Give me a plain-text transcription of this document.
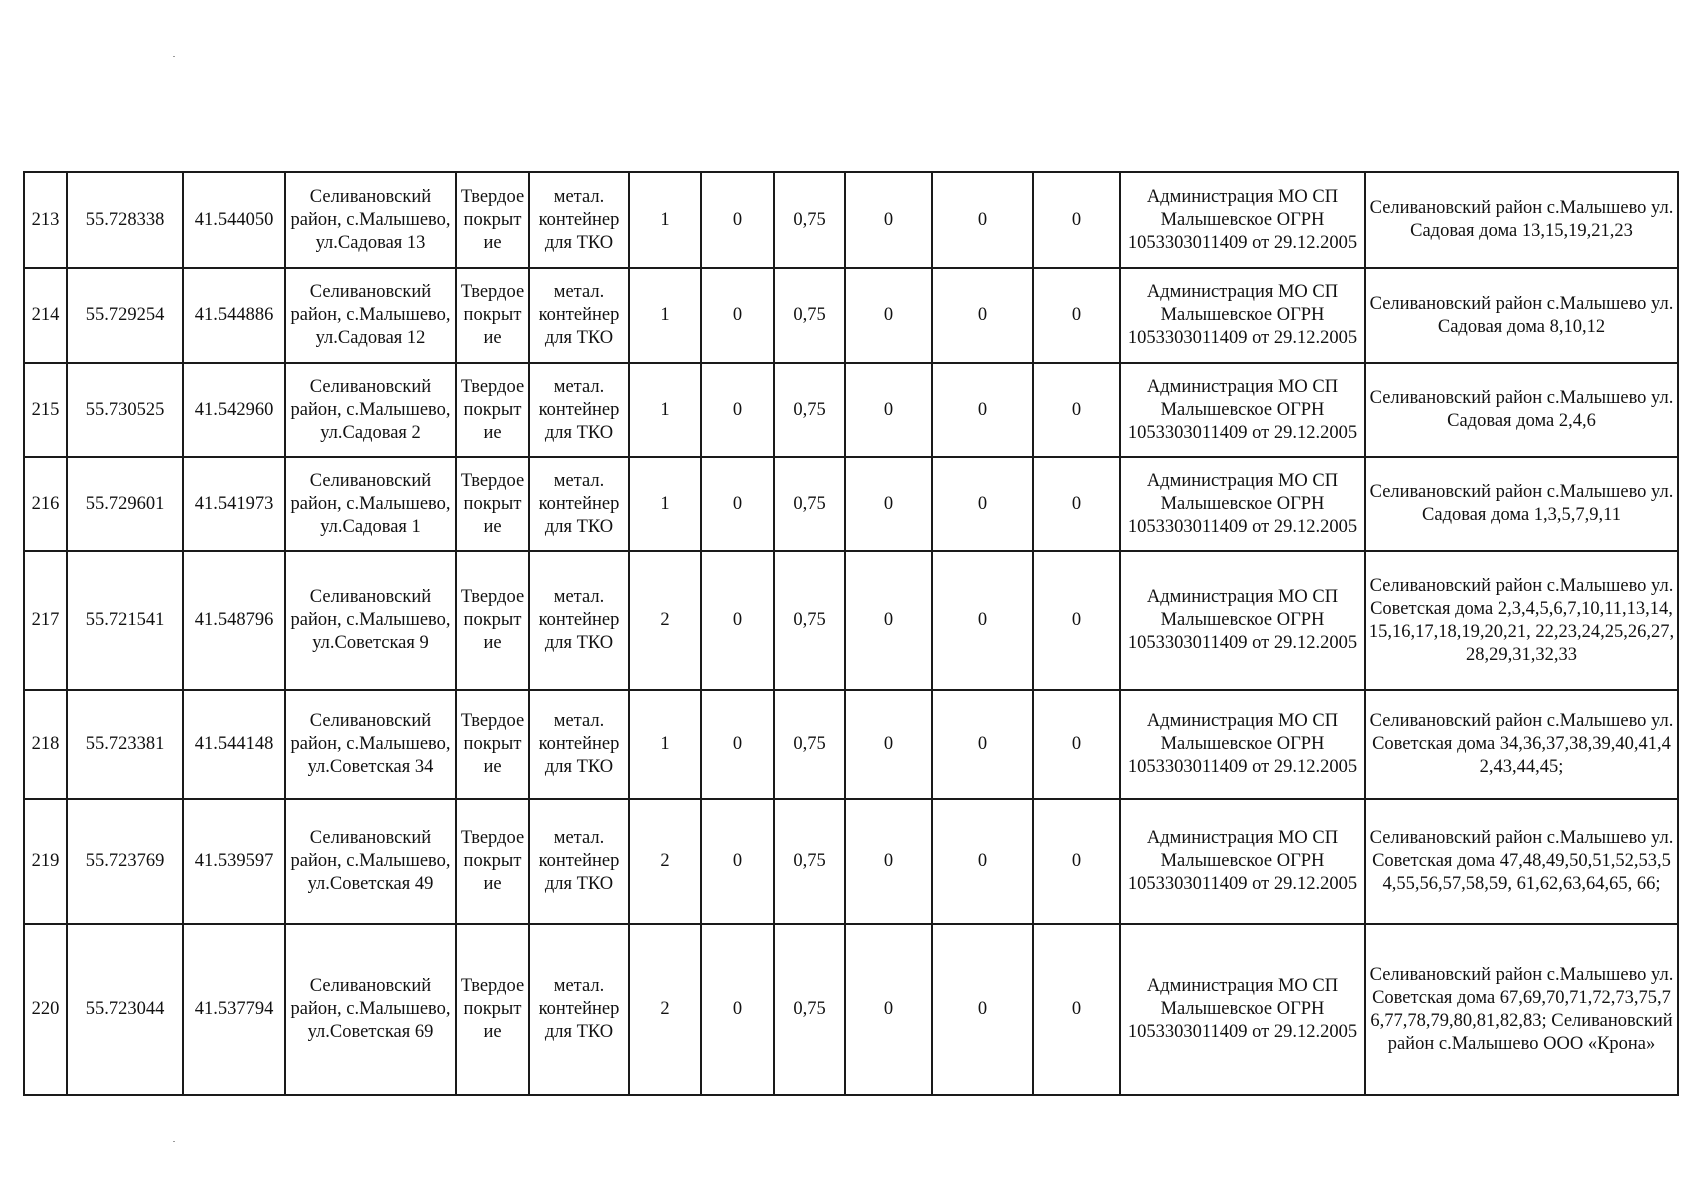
213	55.728338	41.544050	Селивановский район, с.Малышево, ул.Садовая 13	Твердое покрытие	метал. контейнер для ТКО	1	0	0,75	0	0	0	Администрация МО СП Малышевское ОГРН 1053303011409 от 29.12.2005	Селивановский район с.Малышево ул.Садовая дома 13,15,19,21,23
214	55.729254	41.544886	Селивановский район, с.Малышево, ул.Садовая 12	Твердое покрытие	метал. контейнер для ТКО	1	0	0,75	0	0	0	Администрация МО СП Малышевское ОГРН 1053303011409 от 29.12.2005	Селивановский район с.Малышево ул.Садовая дома 8,10,12
215	55.730525	41.542960	Селивановский район, с.Малышево, ул.Садовая 2	Твердое покрытие	метал. контейнер для ТКО	1	0	0,75	0	0	0	Администрация МО СП Малышевское ОГРН 1053303011409 от 29.12.2005	Селивановский район с.Малышево ул.Садовая дома 2,4,6
216	55.729601	41.541973	Селивановский район, с.Малышево, ул.Садовая 1	Твердое покрытие	метал. контейнер для ТКО	1	0	0,75	0	0	0	Администрация МО СП Малышевское ОГРН 1053303011409 от 29.12.2005	Селивановский район с.Малышево ул.Садовая дома 1,3,5,7,9,11
217	55.721541	41.548796	Селивановский район, с.Малышево, ул.Советская 9	Твердое покрытие	метал. контейнер для ТКО	2	0	0,75	0	0	0	Администрация МО СП Малышевское ОГРН 1053303011409 от 29.12.2005	Селивановский район с.Малышево ул.Советская дома 2,3,4,5,6,7,10,11,13,14,15,16,17,18,19,20,21, 22,23,24,25,26,27,28,29,31,32,33
218	55.723381	41.544148	Селивановский район, с.Малышево, ул.Советская 34	Твердое покрытие	метал. контейнер для ТКО	1	0	0,75	0	0	0	Администрация МО СП Малышевское ОГРН 1053303011409 от 29.12.2005	Селивановский район с.Малышево ул.Советская дома 34,36,37,38,39,40,41,42,43,44,45;
219	55.723769	41.539597	Селивановский район, с.Малышево, ул.Советская 49	Твердое покрытие	метал. контейнер для ТКО	2	0	0,75	0	0	0	Администрация МО СП Малышевское ОГРН 1053303011409 от 29.12.2005	Селивановский район с.Малышево ул.Советская дома 47,48,49,50,51,52,53,54,55,56,57,58,59, 61,62,63,64,65, 66;
220	55.723044	41.537794	Селивановский район, с.Малышево, ул.Советская 69	Твердое покрытие	метал. контейнер для ТКО	2	0	0,75	0	0	0	Администрация МО СП Малышевское ОГРН 1053303011409 от 29.12.2005	Селивановский район с.Малышево ул.Советская дома 67,69,70,71,72,73,75,76,77,78,79,80,81,82,83; Селивановский район с.Малышево ООО «Крона»
